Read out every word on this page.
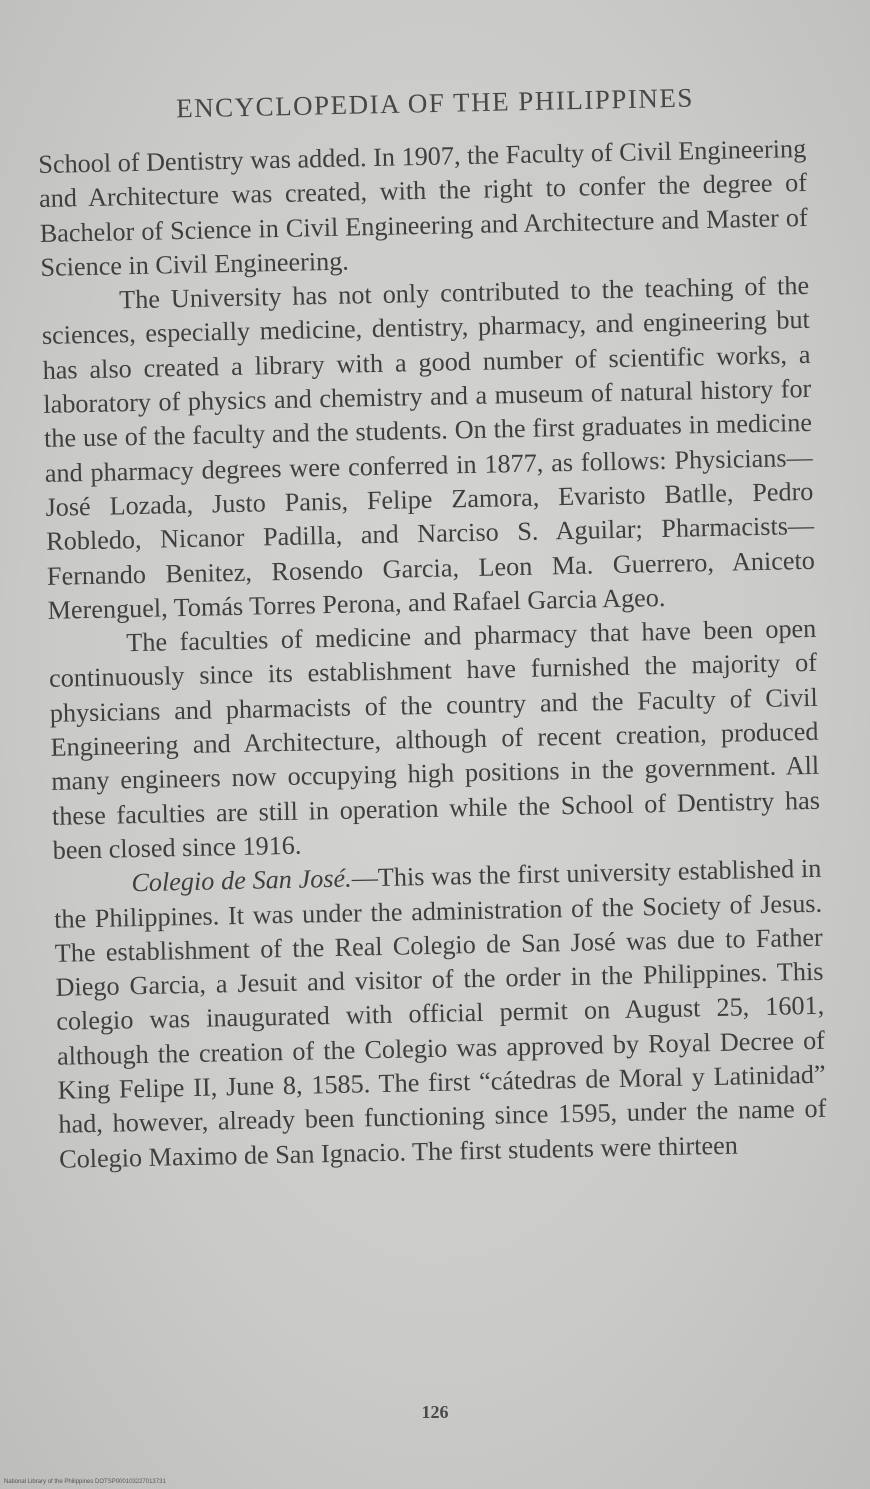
ENCYCLOPEDIA OF THE PHILIPPINES

School of Dentistry was added. In 1907, the Faculty of Civil Engineering and Architecture was created, with the right to confer the degree of Bachelor of Science in Civil Engineering and Architecture and Master of Science in Civil Engineering.

The University has not only contributed to the teaching of the sciences, especially medicine, dentistry, pharmacy, and engineering but has also created a library with a good number of scientific works, a laboratory of physics and chemistry and a museum of natural history for the use of the faculty and the students. On the first graduates in medicine and pharmacy degrees were conferred in 1877, as follows: Physicians—José Lozada, Justo Panis, Felipe Zamora, Evaristo Batlle, Pedro Robledo, Nicanor Padilla, and Narciso S. Aguilar; Pharmacists—Fernando Benitez, Rosendo Garcia, Leon Ma. Guerrero, Aniceto Merenguel, Tomás Torres Perona, and Rafael Garcia Ageo.

The faculties of medicine and pharmacy that have been open continuously since its establishment have furnished the majority of physicians and pharmacists of the country and the Faculty of Civil Engineering and Architecture, although of recent creation, produced many engineers now occupying high positions in the government. All these faculties are still in operation while the School of Dentistry has been closed since 1916.

Colegio de San José.—This was the first university established in the Philippines. It was under the administration of the Society of Jesus. The establishment of the Real Colegio de San José was due to Father Diego Garcia, a Jesuit and visitor of the order in the Philippines. This colegio was inaugurated with official permit on August 25, 1601, although the creation of the Colegio was approved by Royal Decree of King Felipe II, June 8, 1585. The first “cátedras de Moral y Latinidad” had, however, already been functioning since 1595, under the name of Colegio Maximo de San Ignacio. The first students were thirteen

126
National Library of the Philippines DOTSP000103227013731
